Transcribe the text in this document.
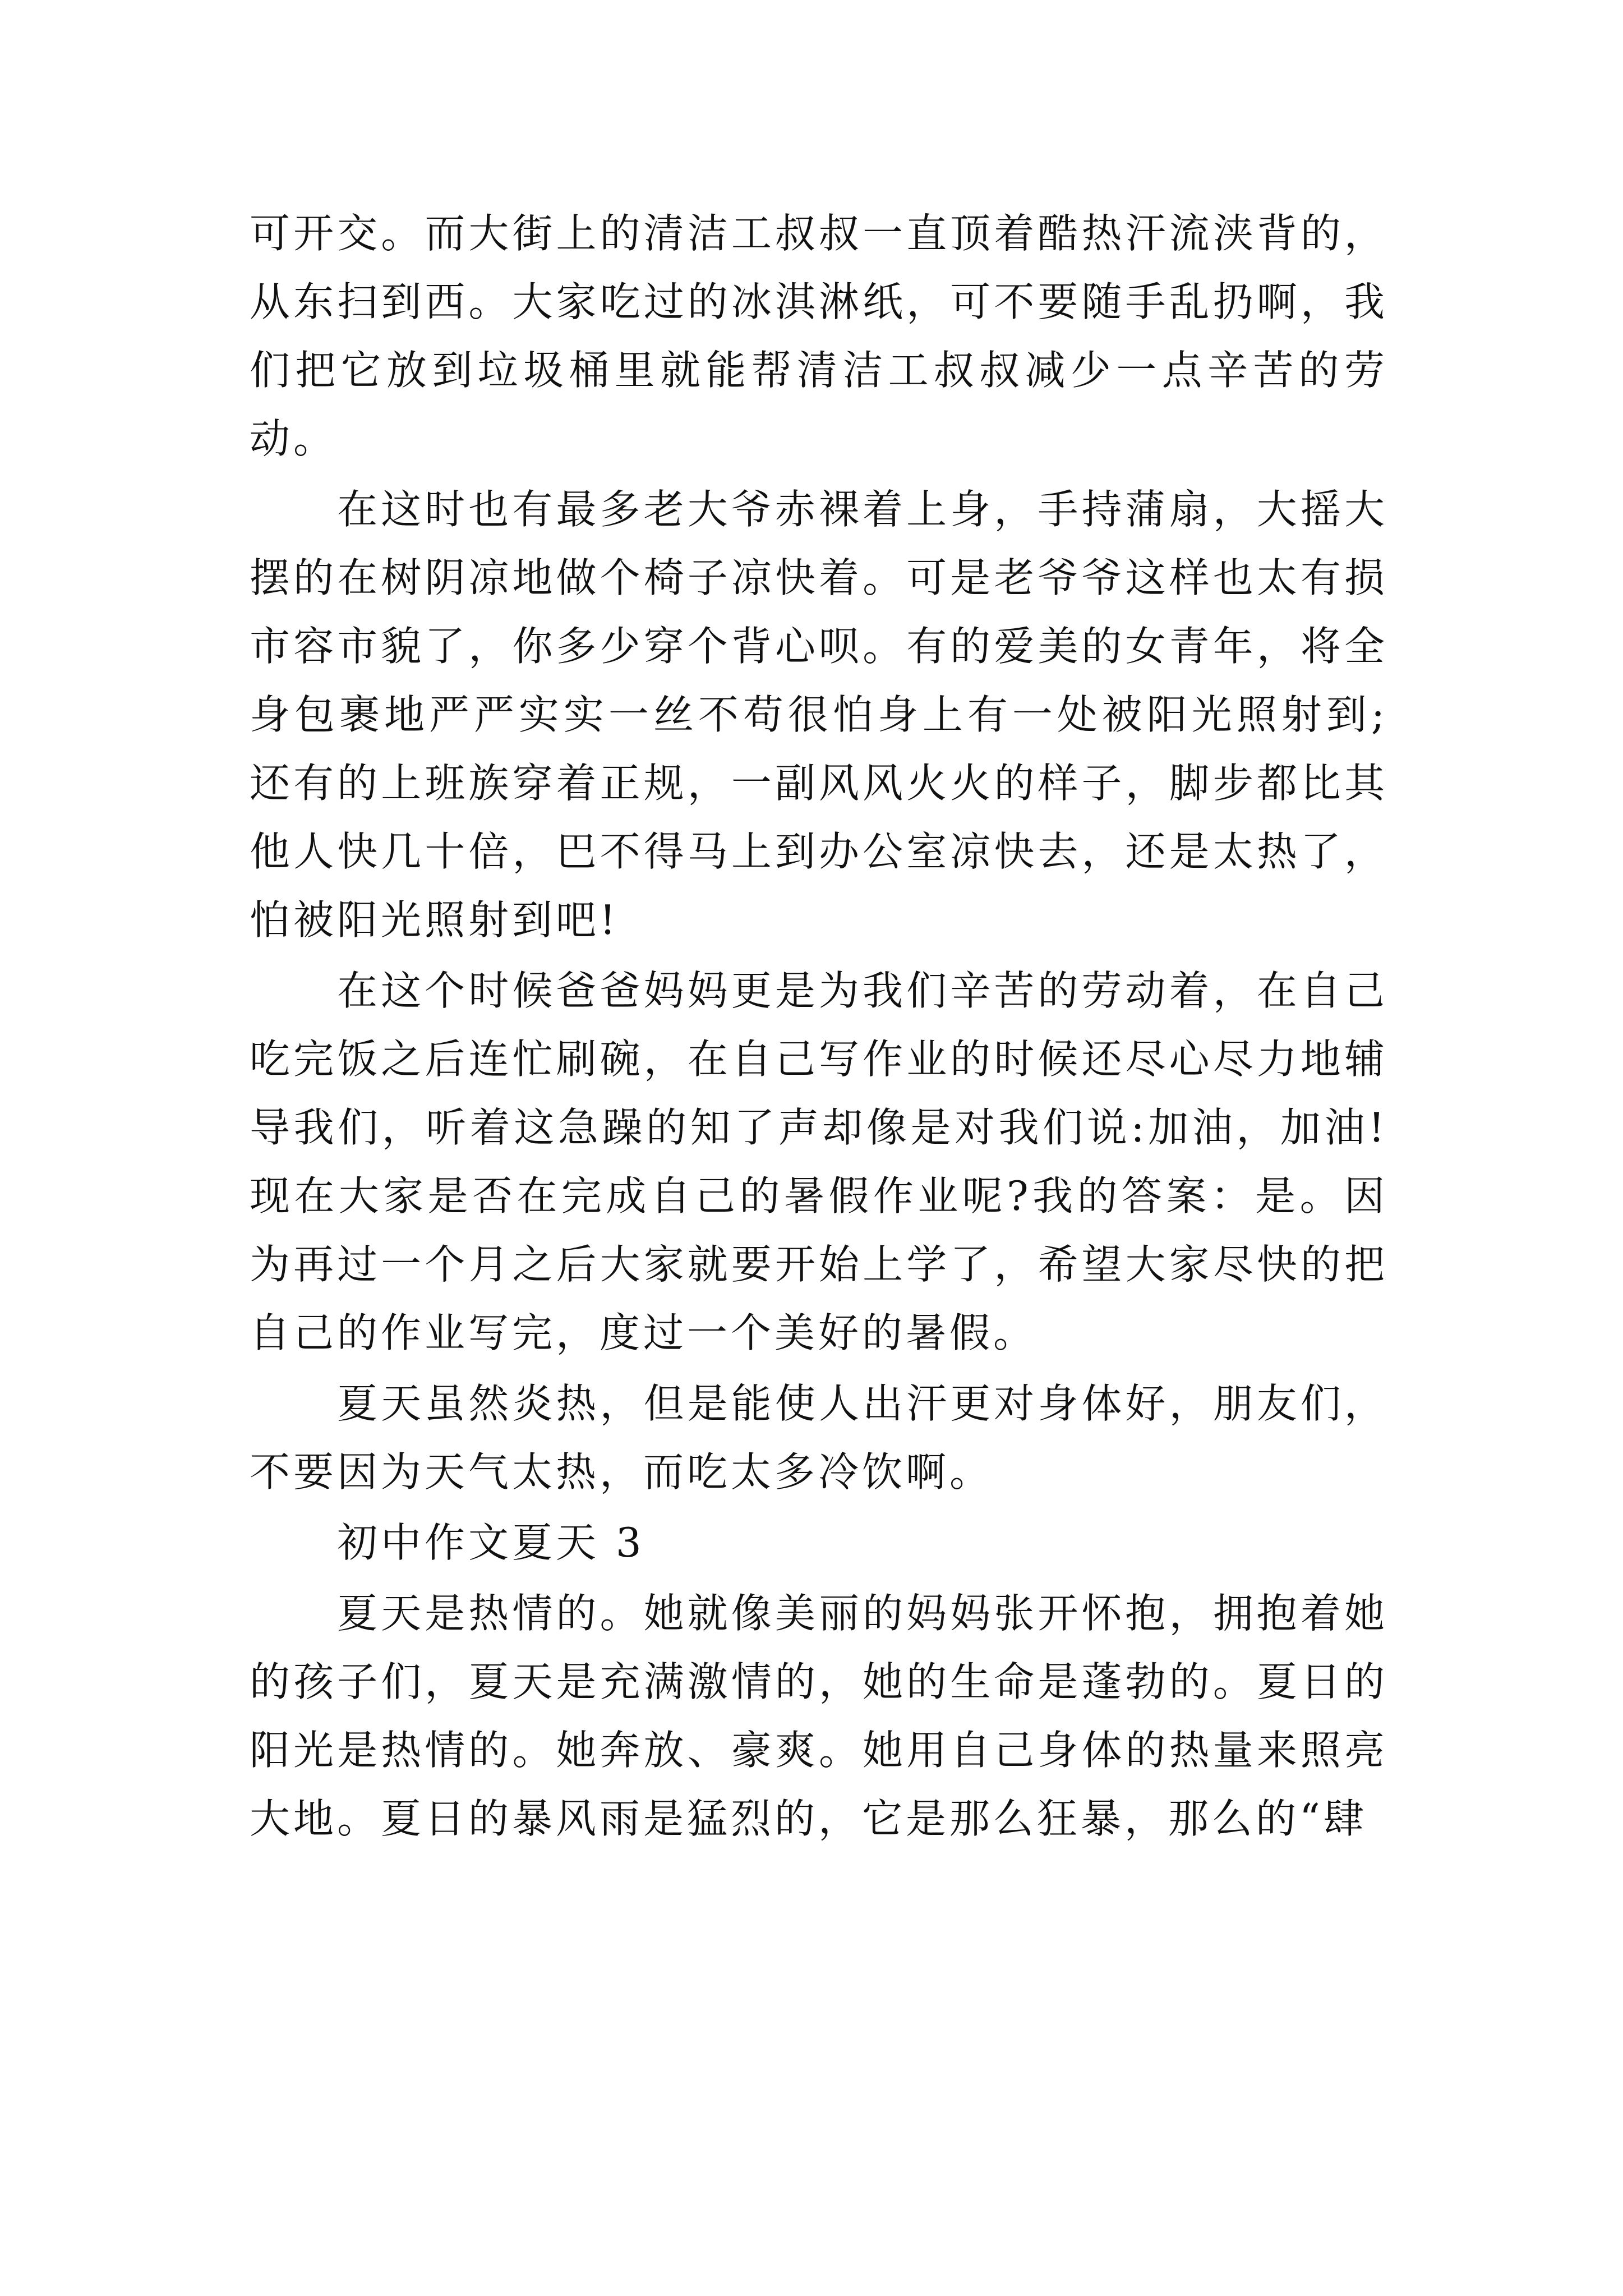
可开交。而大街上的清洁工叔叔一直顶着酷热汗流浃背的，从东扫到西。大家吃过的冰淇淋纸，可不要随手乱扔啊，我们把它放到垃圾桶里就能帮清洁工叔叔减少一点辛苦的劳动。

在这时也有最多老大爷赤裸着上身，手持蒲扇，大摇大摆的在树阴凉地做个椅子凉快着。可是老爷爷这样也太有损市容市貌了，你多少穿个背心呗。有的爱美的女青年，将全身包裹地严严实实一丝不苟很怕身上有一处被阳光照射到;还有的上班族穿着正规，一副风风火火的样子，脚步都比其他人快几十倍，巴不得马上到办公室凉快去，还是太热了，怕被阳光照射到吧!

在这个时候爸爸妈妈更是为我们辛苦的劳动着，在自己吃完饭之后连忙刷碗，在自己写作业的时候还尽心尽力地辅导我们，听着这急躁的知了声却像是对我们说:加油，加油!现在大家是否在完成自己的暑假作业呢?我的答案：是。因为再过一个月之后大家就要开始上学了，希望大家尽快的把自己的作业写完，度过一个美好的暑假。

夏天虽然炎热，但是能使人出汗更对身体好，朋友们，不要因为天气太热，而吃太多冷饮啊。

初中作文夏天 3

夏天是热情的。她就像美丽的妈妈张开怀抱，拥抱着她的孩子们，夏天是充满激情的，她的生命是蓬勃的。夏日的阳光是热情的。她奔放、豪爽。她用自己身体的热量来照亮大地。夏日的暴风雨是猛烈的，它是那么狂暴，那么的“肆
